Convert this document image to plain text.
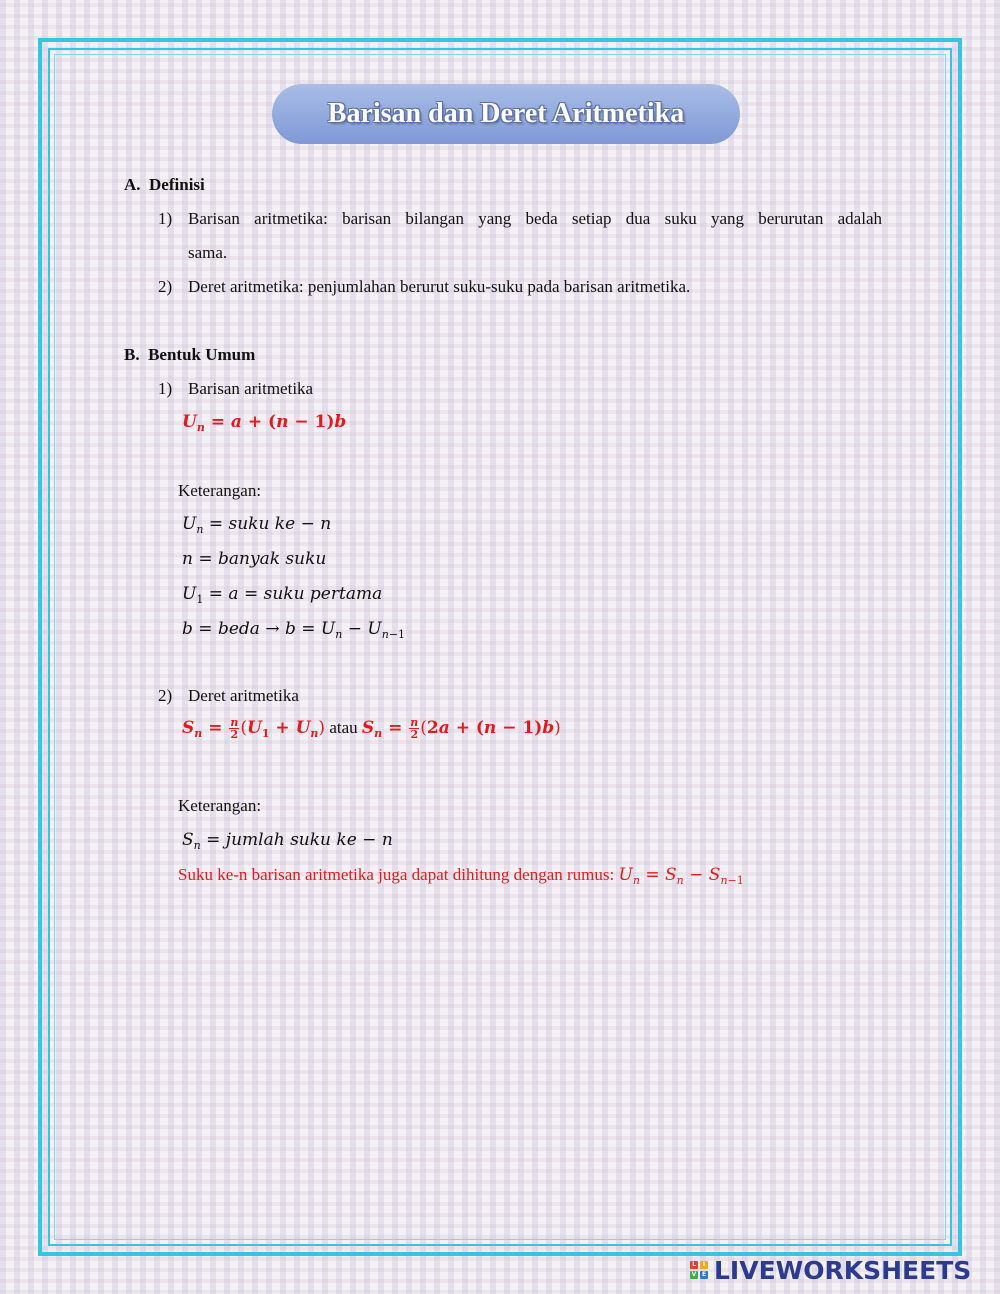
Barisan dan Deret Aritmetika
A.  Definisi
1) Barisan aritmetika: barisan bilangan yang beda setiap dua suku yang berurutan adalah
sama.
2) Deret aritmetika: penjumlahan berurut suku-suku pada barisan aritmetika.
B.  Bentuk Umum
1) Barisan aritmetika
$U_n = a + (n - 1)b$
Keterangan:
$U_n$ = suku ke − n
n = banyak suku
$U_1 = a$ = suku pertama
b = beda → $b = U_n - U_{n-1}$
2) Deret aritmetika
$S_n = \frac{n}{2} (U_1 + U_n)$ atau $S_n = \frac{n}{2} (2a + (n - 1)b)$
Keterangan:
$S_n$ = jumlah suku ke − n
Suku ke-n barisan aritmetika juga dapat dihitung dengan rumus: $U_n = S_n - S_{n-1}$
L	I
V E LIVEWORKSHEETS
